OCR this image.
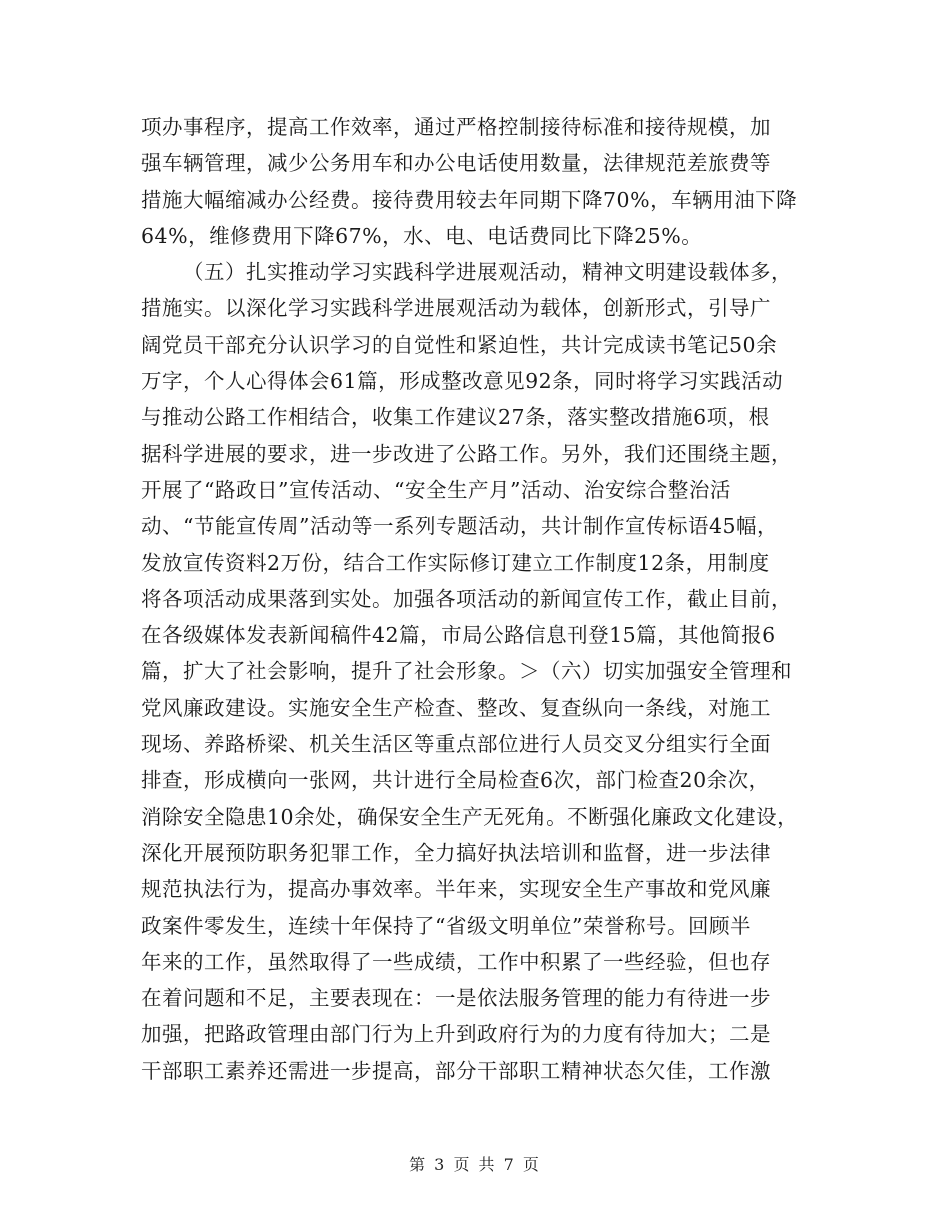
项办事程序，提高工作效率，通过严格控制接待标准和接待规模，加
强车辆管理，减少公务用车和办公电话使用数量，法律规范差旅费等
措施大幅缩减办公经费。接待费用较去年同期下降70%，车辆用油下降
64%，维修费用下降67%，水、电、电话费同比下降25%。
（五）扎实推动学习实践科学进展观活动，精神文明建设载体多，
措施实。以深化学习实践科学进展观活动为载体，创新形式，引导广
阔党员干部充分认识学习的自觉性和紧迫性，共计完成读书笔记50余
万字，个人心得体会61篇，形成整改意见92条，同时将学习实践活动
与推动公路工作相结合，收集工作建议27条，落实整改措施6项，根
据科学进展的要求，进一步改进了公路工作。另外，我们还围绕主题，
开展了“路政日”宣传活动、“安全生产月”活动、治安综合整治活
动、“节能宣传周”活动等一系列专题活动，共计制作宣传标语45幅，
发放宣传资料2万份，结合工作实际修订建立工作制度12条，用制度
将各项活动成果落到实处。加强各项活动的新闻宣传工作，截止目前，
在各级媒体发表新闻稿件42篇，市局公路信息刊登15篇，其他简报6
篇，扩大了社会影响，提升了社会形象。＞（六）切实加强安全管理和
党风廉政建设。实施安全生产检查、整改、复查纵向一条线，对施工
现场、养路桥梁、机关生活区等重点部位进行人员交叉分组实行全面
排查，形成横向一张网，共计进行全局检查6次，部门检查20余次，
消除安全隐患10余处，确保安全生产无死角。不断强化廉政文化建设，
深化开展预防职务犯罪工作，全力搞好执法培训和监督，进一步法律
规范执法行为，提高办事效率。半年来，实现安全生产事故和党风廉
政案件零发生，连续十年保持了“省级文明单位”荣誉称号。回顾半
年来的工作，虽然取得了一些成绩，工作中积累了一些经验，但也存
在着问题和不足，主要表现在：一是依法服务管理的能力有待进一步
加强，把路政管理由部门行为上升到政府行为的力度有待加大；二是
干部职工素养还需进一步提高，部分干部职工精神状态欠佳，工作激
第 3 页 共 7 页
